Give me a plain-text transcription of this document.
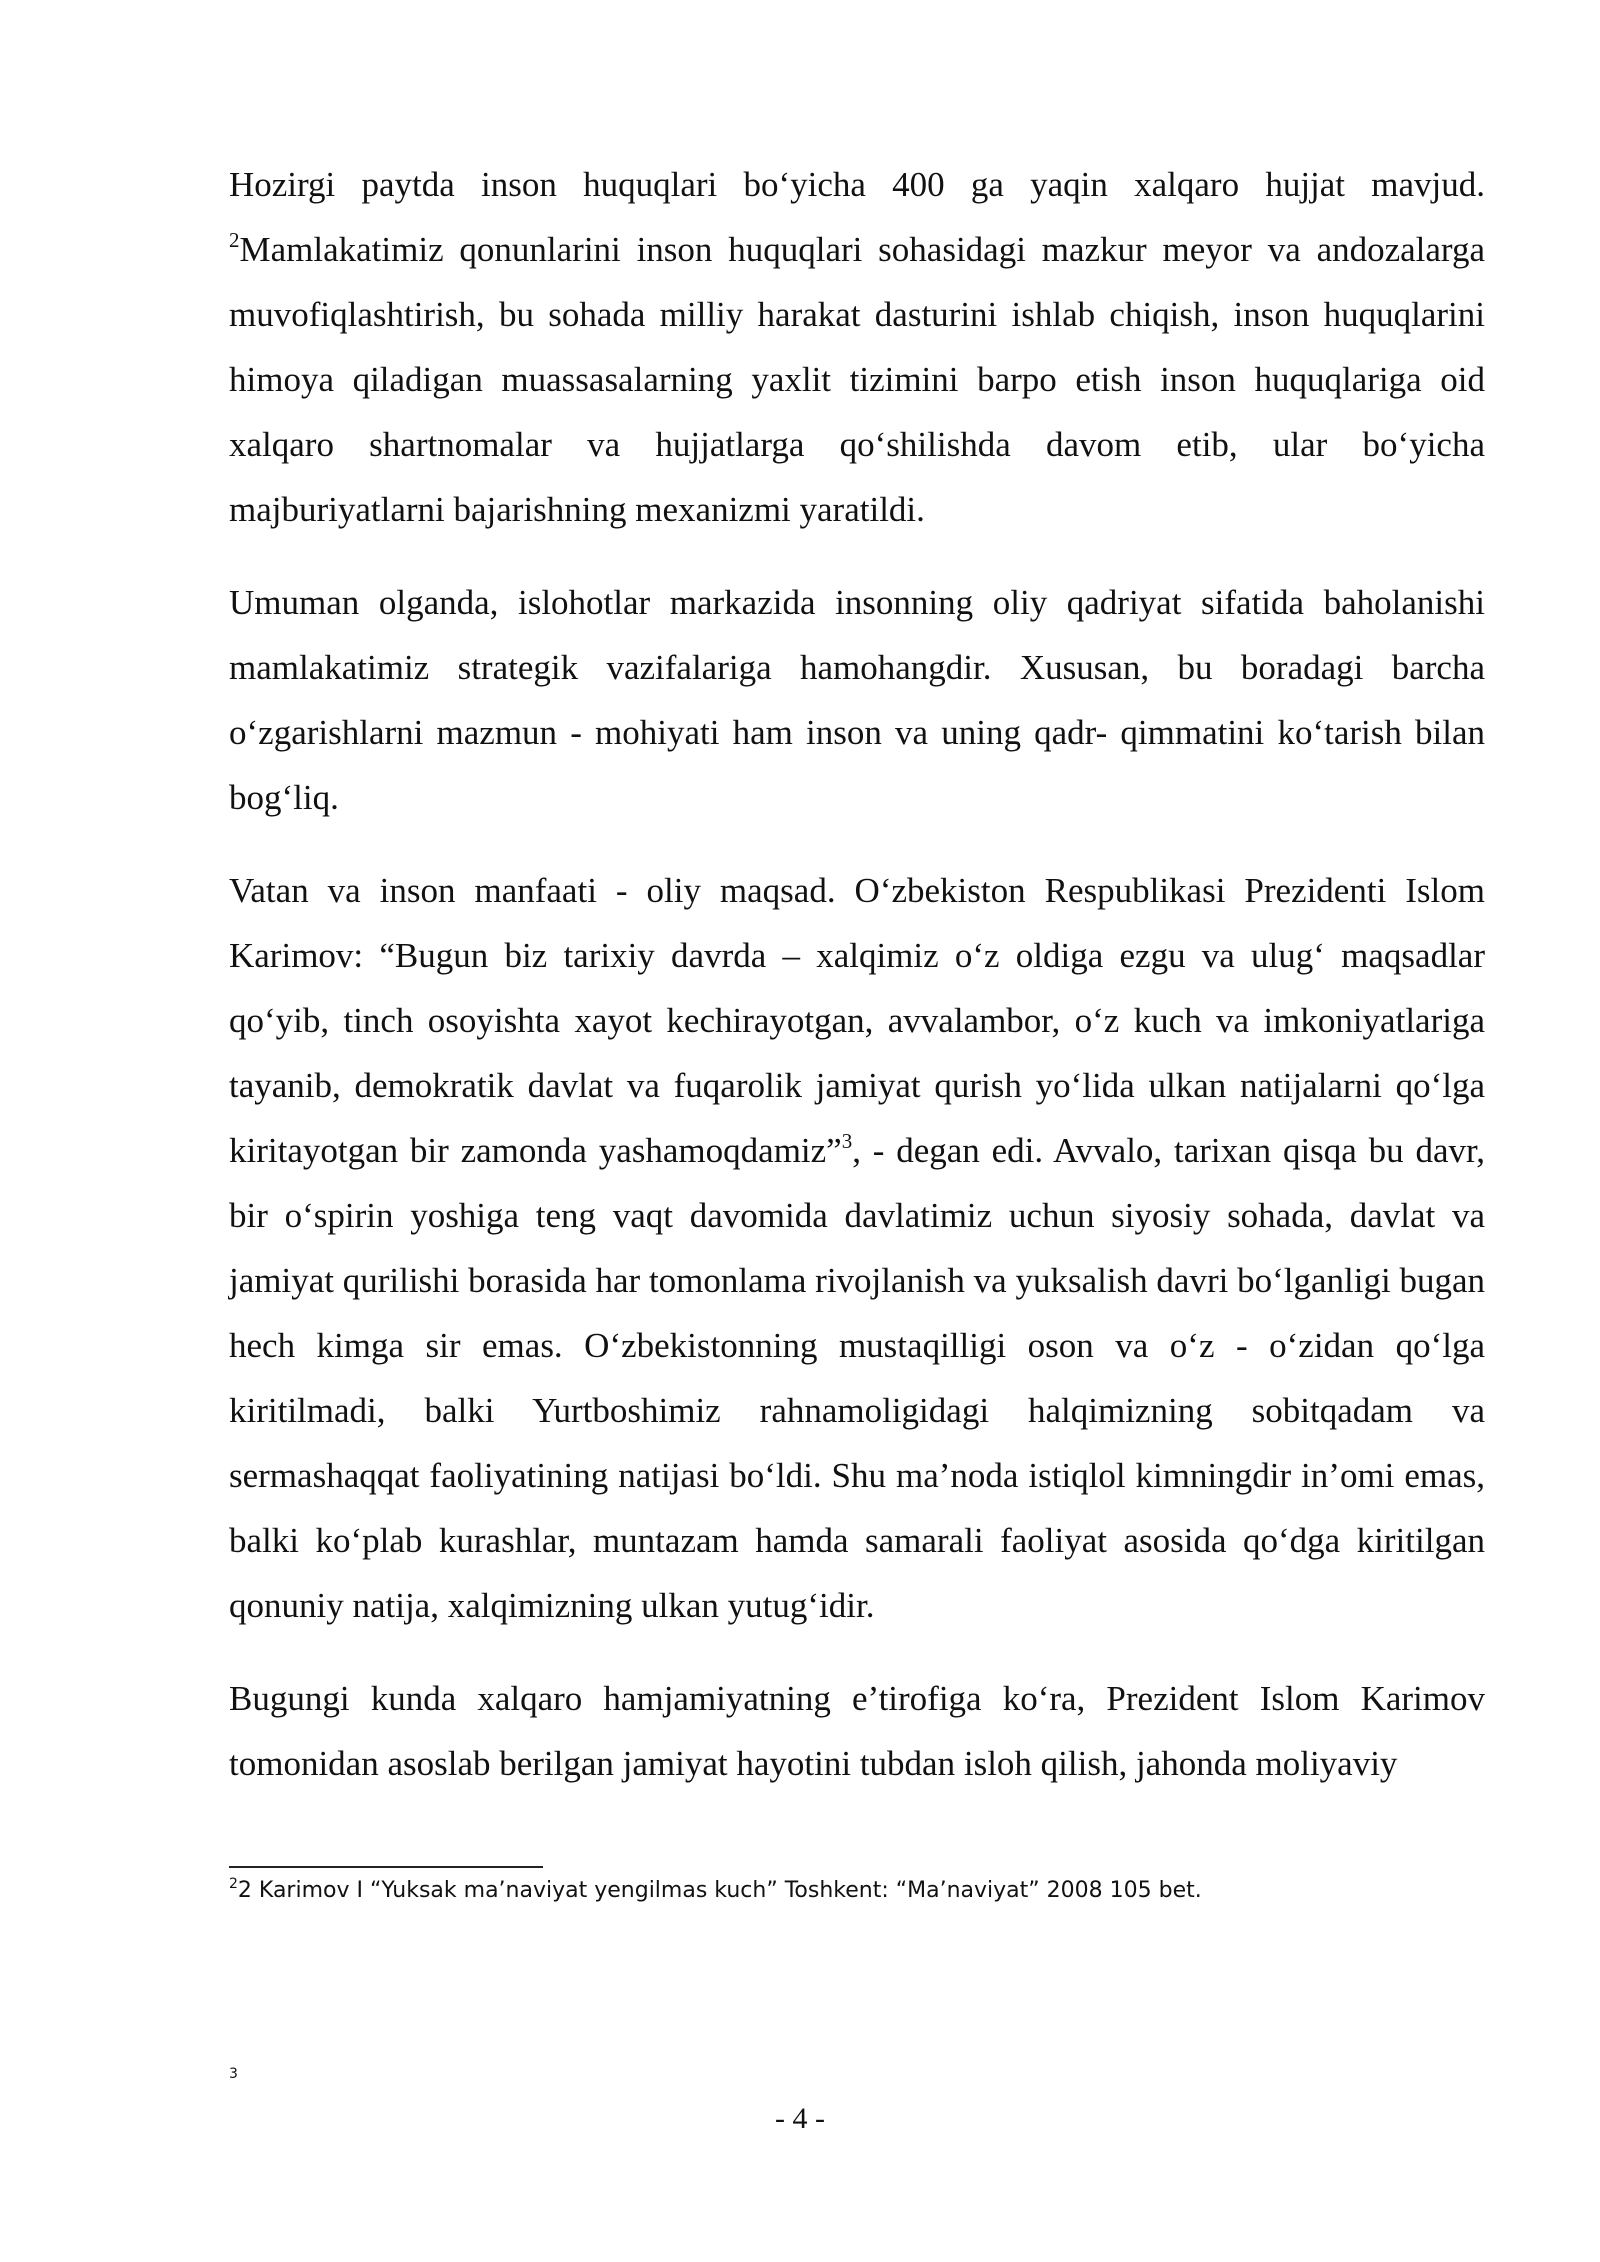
Hozirgi paytda inson huquqlari bo‘yicha 400 ga yaqin xalqaro hujjat mavjud. $^2$Mamlakatimiz qonunlarini inson huquqlari sohasidagi mazkur meyor va andozalarga muvofiqlashtirish, bu sohada milliy harakat dasturini ishlab chiqish, inson huquqlarini himoya qiladigan muassasalarning yaxlit tizimini barpo etish inson huquqlariga oid xalqaro shartnomalar va hujjatlarga qo‘shilishda davom etib, ular bo‘yicha majburiyatlarni bajarishning mexanizmi yaratildi.

Umuman olganda, islohotlar markazida insonning oliy qadriyat sifatida baholanishi mamlakatimiz strategik vazifalariga hamohangdir. Xususan, bu boradagi barcha o‘zgarishlarni mazmun - mohiyati ham inson va uning qadr- qimmatini ko‘tarish bilan bog‘liq.

Vatan va inson manfaati - oliy maqsad. O‘zbekiston Respublikasi Prezidenti Islom Karimov: “Bugun biz tarixiy davrda – xalqimiz o‘z oldiga ezgu va ulug‘ maqsadlar qo‘yib, tinch osoyishta xayot kechirayotgan, avvalambor, o‘z kuch va imkoniyatlariga tayanib, demokratik davlat va fuqarolik jamiyat qurish yo‘lida ulkan natijalarni qo‘lga kiritayotgan bir zamonda yashamoqdamiz”$^3$, - degan edi. Avvalo, tarixan qisqa bu davr, bir o‘spirin yoshiga teng vaqt davomida davlatimiz uchun siyosiy sohada, davlat va jamiyat qurilishi borasida har tomonlama rivojlanish va yuksalish davri bo‘lganligi bugan hech kimga sir emas. O‘zbekistonning mustaqilligi oson va o‘z - o‘zidan qo‘lga kiritilmadi, balki Yurtboshimiz rahnamoligidagi halqimizning sobitqadam va sermashaqqat faoliyatining natijasi bo‘ldi. Shu ma’noda istiqlol kimningdir in’omi emas, balki ko‘plab kurashlar, muntazam hamda samarali faoliyat asosida qo‘dga kiritilgan qonuniy natija, xalqimizning ulkan yutug‘idir.

Bugungi kunda xalqaro hamjamiyatning e’tirofiga ko‘ra, Prezident Islom Karimov tomonidan asoslab berilgan jamiyat hayotini tubdan isloh qilish, jahonda moliyaviy

$^2$2 Karimov I “Yuksak ma’naviyat yengilmas kuch” Toshkent: “Ma’naviyat” 2008 105 bet.
3
- 4 -
